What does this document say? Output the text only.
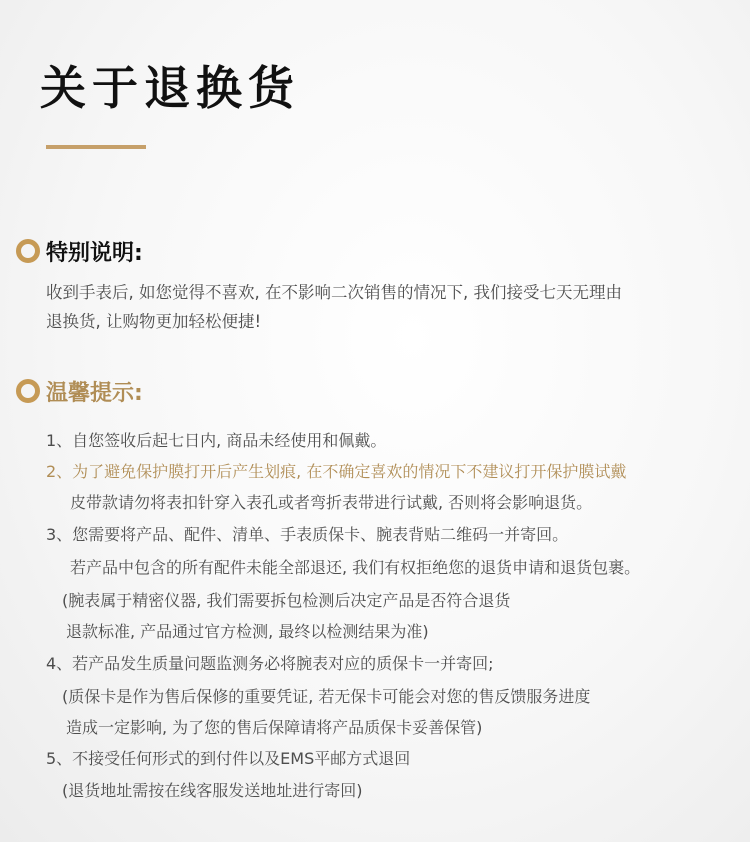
关于退换货
特别说明:
收到手表后, 如您觉得不喜欢, 在不影响二次销售的情况下, 我们接受七天无理由
退换货, 让购物更加轻松便捷!
温馨提示:
1、自您签收后起七日内, 商品未经使用和佩戴。
2、为了避免保护膜打开后产生划痕, 在不确定喜欢的情况下不建议打开保护膜试戴
皮带款请勿将表扣针穿入表孔或者弯折表带进行试戴, 否则将会影响退货。
3、您需要将产品、配件、清单、手表质保卡、腕表背贴二维码一并寄回。
若产品中包含的所有配件未能全部退还, 我们有权拒绝您的退货申请和退货包裹。
(腕表属于精密仪器, 我们需要拆包检测后决定产品是否符合退货
退款标准, 产品通过官方检测, 最终以检测结果为准)
4、若产品发生质量问题监测务必将腕表对应的质保卡一并寄回;
(质保卡是作为售后保修的重要凭证, 若无保卡可能会对您的售反馈服务进度
造成一定影响, 为了您的售后保障请将产品质保卡妥善保管)
5、不接受任何形式的到付件以及EMS平邮方式退回
(退货地址需按在线客服发送地址进行寄回)
